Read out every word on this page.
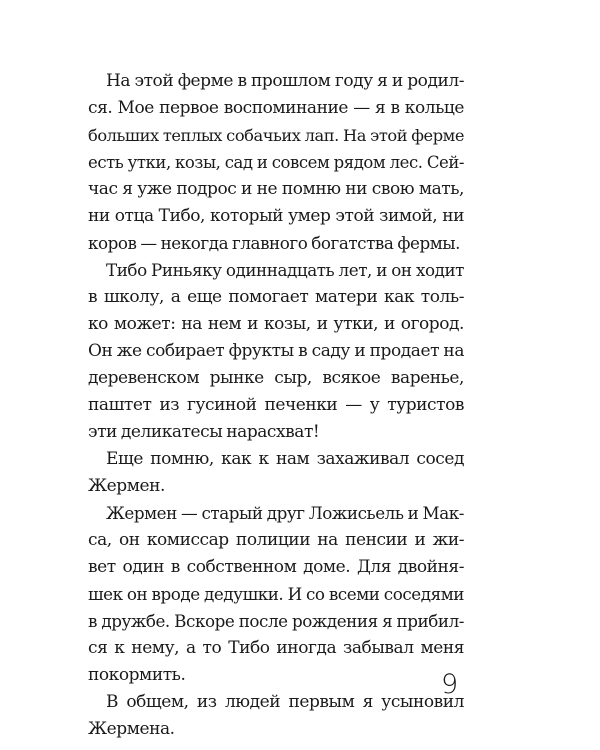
На этой ферме в прошлом году я и родил-
ся. Мое первое воспоминание — я в кольце
больших теплых собачьих лап. На этой ферме
есть утки, козы, сад и совсем рядом лес. Сей-
час я уже подрос и не помню ни свою мать,
ни отца Тибо, который умер этой зимой, ни
коров — некогда главного богатства фермы.

Тибо Риньяку одиннадцать лет, и он ходит
в школу, а еще помогает матери как толь-
ко может: на нем и козы, и утки, и огород.
Он же собирает фрукты в саду и продает на
деревенском рынке сыр, всякое варенье,
паштет из гусиной печенки — у туристов
эти деликатесы нарасхват!

Еще помню, как к нам захаживал сосед
Жермен.

Жермен — старый друг Ложисьель и Мак-
са, он комиссар полиции на пенсии и жи-
вет один в собственном доме. Для двойня-
шек он вроде дедушки. И со всеми соседями
в дружбе. Вскоре после рождения я прибил-
ся к нему, а то Тибо иногда забывал меня
покормить.

В общем, из людей первым я усыновил
Жермена.

9
